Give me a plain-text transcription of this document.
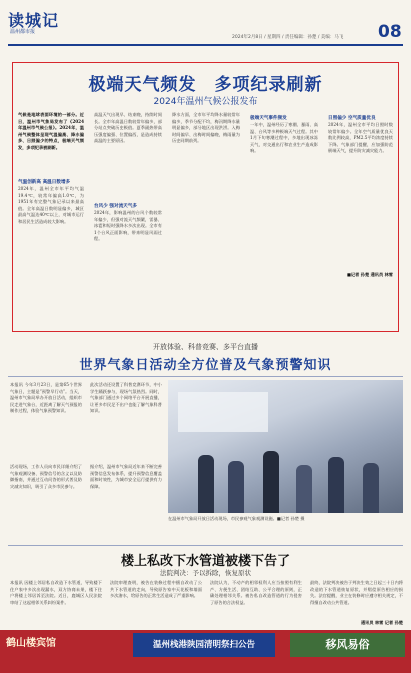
读城记
温州都市报
2024年2月8日 / 星期四 / 责任编辑：孙楚 / 美编：马飞 08
极端天气频发　多项纪录刷新
2024年温州气候公报发布
气候是地球表面环境的一部分。近日，温州市气象局发布了《2024年温州市气候公报》。2024年，温州气候整体呈现气温偏高、降水偏多、日照偏少的特点，极端天气频发，多项纪录被刷新。
气温创新高 高温日数增多
2024年，温州全市年平均气温19.4℃，较常年偏高1.0℃，为1951年有完整气象记录以来最高值。全年高温日数明显偏多，城区最高气温达40℃以上，对城市运行和居民生活造成较大影响。
高温天气出现早、结束晚，持续时间长。全市年高温日数较常年偏多，部分站点突破历史极值。夏季副热带高压强度偏强、位置偏西，是造成持续高温的主要原因。
台风少 强对流天气多
2024年，影响温州的台风个数较常年偏少，但强对流天气频繁，雷暴、冰雹和短时强降水多次出现。全市有1个台风正面影响，带来明显风雨过程。
降水方面，全市年平均降水量较常年偏多，季节分配不均，梅汛期降水量明显偏多，部分地区出现洪涝。入梅时间偏早、出梅时间偏晚，梅雨量为历史同期前列。
极端天气事件频发
一年中，温州经历了寒潮、暴雨、高温、台风等多种极端天气过程。其中1月下旬寒潮过程中，多地出现冰冻天气，对交通出行和农业生产造成影响。
日照偏少 空气质量优良
2024年，温州全市平均日照时数较常年偏少。全年空气质量优良天数比例较高，PM2.5平均浓度持续下降。气象部门提醒，应加强防范极端天气，提升防灾减灾能力。
■记者 孙楚 通讯员 林雪
开放体验、科普竞赛、多平台直播
世界气象日活动全方位普及气象预警知识
本报讯 今年3月23日，是第65个世界气象日，主题是“预警早行动”。当天，温州市气象局举办开放日活动，组织市民走进气象台，近距离了解天气预报的制作过程，体验气象预警知识。
活动现场，工作人员向市民详细介绍了气象观测设备、预警信号的含义以及防御指南，并通过互动问答的形式普及防灾减灾知识，吸引了众多市民参与。
此次活动还设置了科普竞赛环节，中小学生踊跃参与，现场气氛热烈。同时，气象部门通过多个网络平台开展直播，让更多市民足不出户也能了解气象科普知识。
据介绍，温州市气象局近年来不断完善预警信息发布体系，提升预警信息覆盖面和时效性，为城市安全运行提供有力保障。
在温州市气象局开放日活动现场，市民参观气象观测设施。■记者 孙楚 摄
楼上私改下水管道被楼下告了
法院判决：予以拆除，恢复原状
本报讯 因楼上邻居私自改造下水管道，导致楼下住户家中多次出现漏水，双方协商未果，楼下住户将楼上邻居诉至法院。近日，鹿城区人民法院审结了这起相邻关系纠纷案件。
法院审理查明，被告在装修过程中擅自改动了公共下水管道的走向，导致原告家中天花板和墙面多次渗水，给原告的正常生活造成了严重影响。
法院认为，不动产的相邻权利人应当按照有利生产、方便生活、团结互助、公平合理的原则，正确处理相邻关系。被告私自改造管道的行为侵害了原告的合法权益。
最终，法院判决被告于判决生效之日起三十日内将改造的下水管道恢复原状，并赔偿原告相应的损失。法官提醒，业主在装修时应遵守相关规定，不得擅自改动公共管道。
通讯员 林雪 记者 孙楚
鹤山楼宾馆	温州栈港陕园清明祭扫公告	移风易俗
